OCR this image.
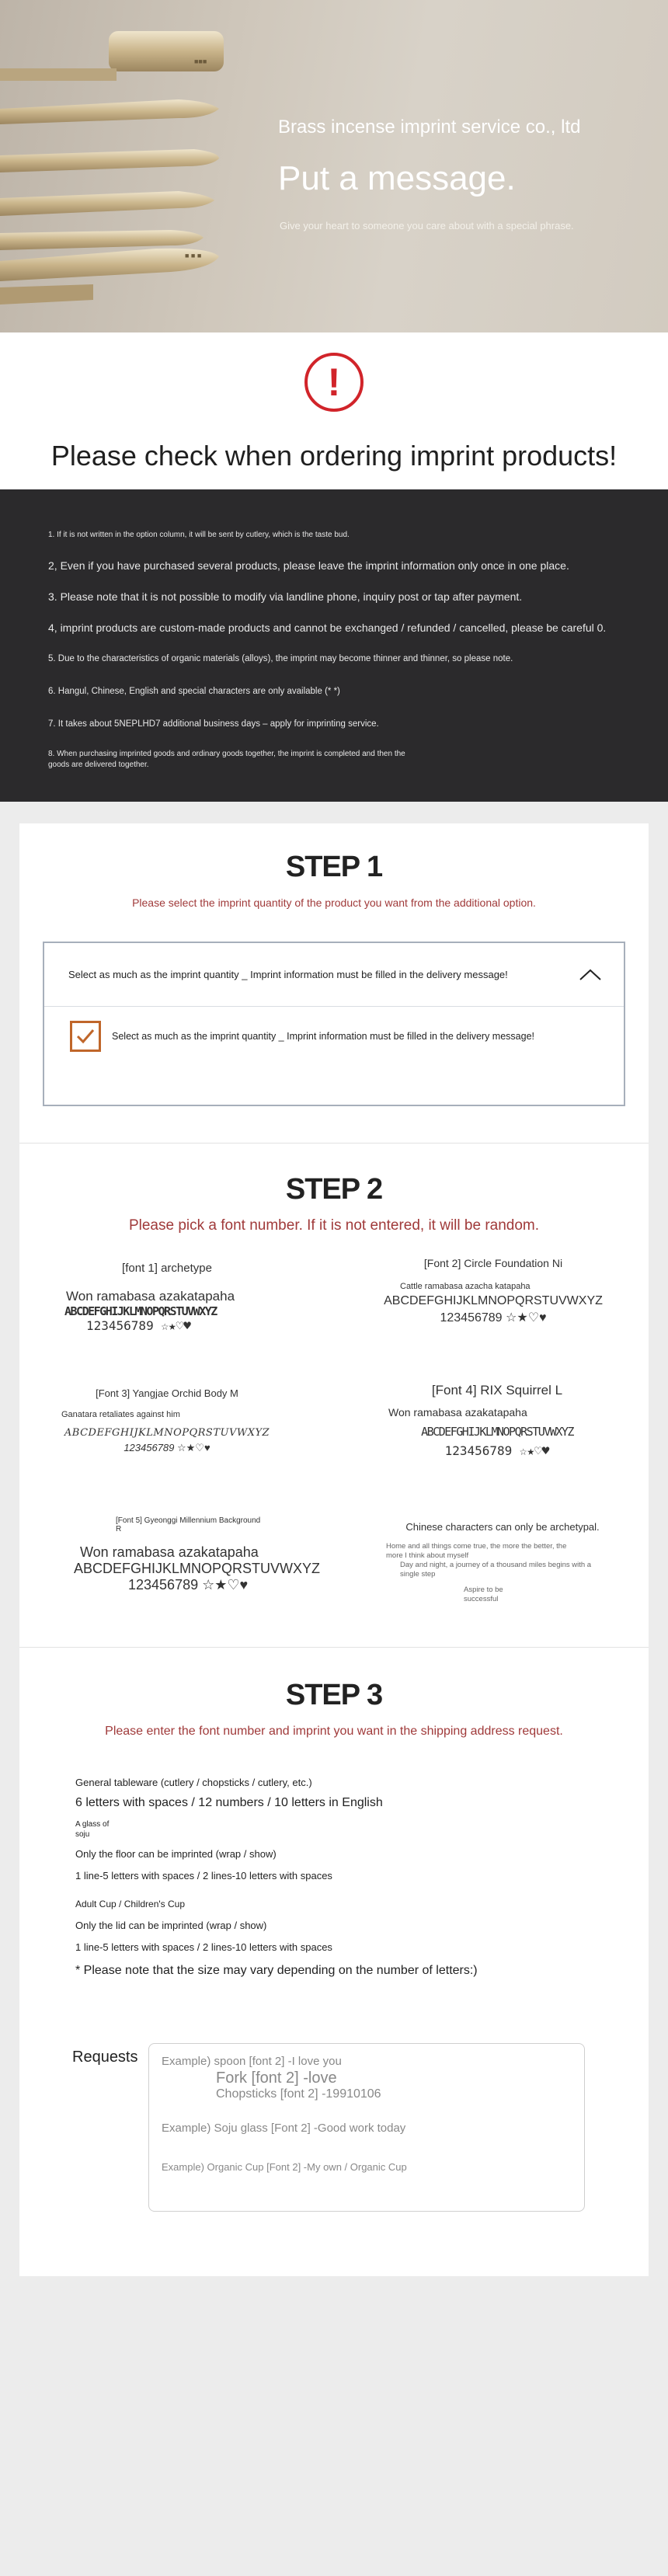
■■■
■ ■ ■
Brass incense imprint service co., ltd
Put a message.
Give your heart to someone you care about with a special phrase.
!
Please check when ordering imprint products!

1. If it is not written in the option column, it will be sent by cutlery, which is the taste bud.

2, Even if you have purchased several products, please leave the imprint information only once in one place.

3. Please note that it is not possible to modify via landline phone, inquiry post or tap after payment.

4, imprint products are custom-made products and cannot be exchanged / refunded / cancelled, please be careful 0.

5. Due to the characteristics of organic materials (alloys), the imprint may become thinner and thinner, so please note.

6. Hangul, Chinese, English and special characters are only available (* *)

7. It takes about 5NEPLHD7 additional business days – apply for imprinting service.

8. When purchasing imprinted goods and ordinary goods together, the imprint is completed and then the

goods are delivered together.

STEP 1
Please select the imprint quantity of the product you want from the additional option.
Select as much as the imprint quantity _ Imprint information must be filled in the delivery message!
Select as much as the imprint quantity _ Imprint information must be filled in the delivery message!
STEP 2
Please pick a font number. If it is not entered, it will be random.
[font 1] archetype
Won ramabasa azakatapaha
ABCDEFGHIJKLMNOPQRSTUVWXYZ
123456789 ☆★♡♥
[Font 2] Circle Foundation Ni
Cattle ramabasa azacha katapaha
ABCDEFGHIJKLMNOPQRSTUVWXYZ
123456789 ☆★♡♥
[Font 3] Yangjae Orchid Body M
Ganatara retaliates against him
ABCDEFGHIJKLMNOPQRSTUVWXYZ
123456789 ☆★♡♥
[Font 4] RIX Squirrel L
Won ramabasa azakatapaha
ABCDEFGHIJKLMNOPQRSTUVWXYZ
123456789 ☆★♡♥
[Font 5] Gyeonggi Millennium Background
R
Won ramabasa azakatapaha
ABCDEFGHIJKLMNOPQRSTUVWXYZ
123456789 ☆★♡♥
Chinese characters can only be archetypal.
Home and all things come true, the more the better, the
more I think about myself
Day and night, a journey of a thousand miles begins with a
single step
Aspire to be
successful
STEP 3
Please enter the font number and imprint you want in the shipping address request.
General tableware (cutlery / chopsticks / cutlery, etc.)
6 letters with spaces / 12 numbers / 10 letters in English
A glass of
soju
Only the floor can be imprinted (wrap / show)
1 line-5 letters with spaces / 2 lines-10 letters with spaces
Adult Cup / Children's Cup
Only the lid can be imprinted (wrap / show)
1 line-5 letters with spaces / 2 lines-10 letters with spaces
* Please note that the size may vary depending on the number of letters:)
Requests Example) spoon [font 2] -I love you
Fork [font 2] -love
Chopsticks [font 2] -19910106
Example) Soju glass [Font 2] -Good work today
Example) Organic Cup [Font 2] -My own / Organic Cup
